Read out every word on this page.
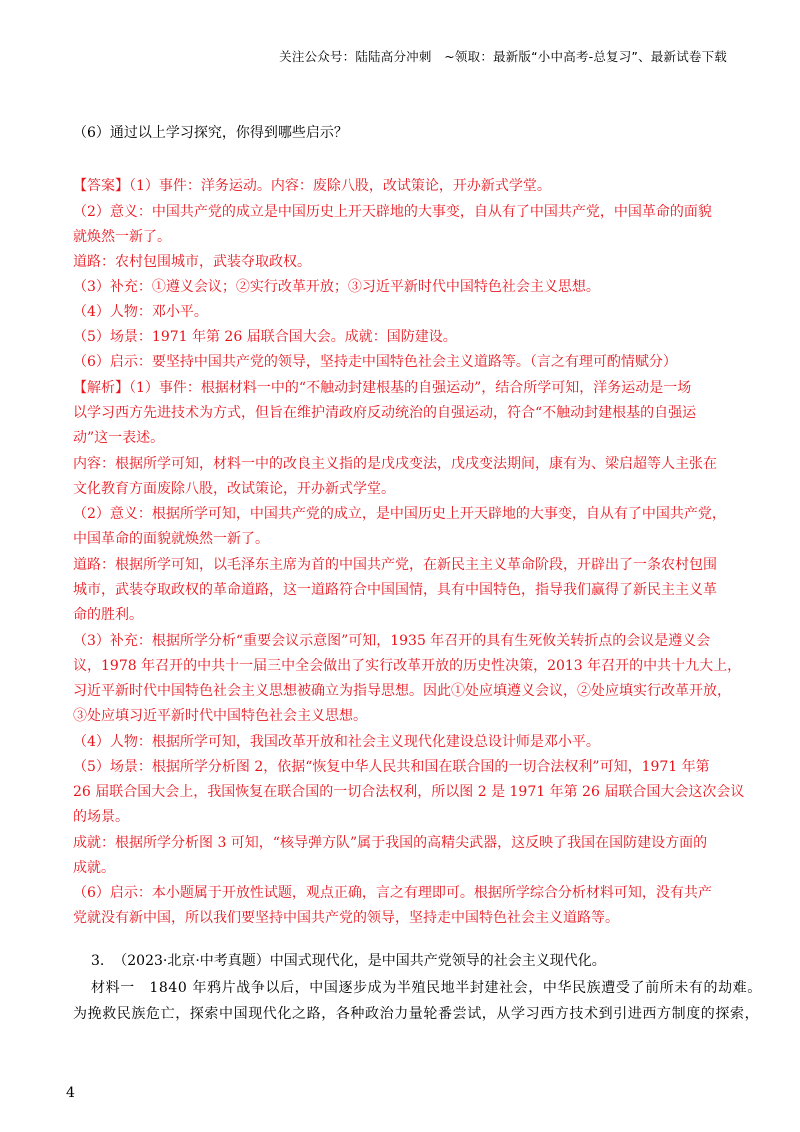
关注公众号：陆陆高分冲刺　~领取：最新版“小中高考-总复习”、最新试卷下载
（6）通过以上学习探究，你得到哪些启示？
【答案】（1）事件：洋务运动。内容：废除八股，改试策论，开办新式学堂。
（2）意义：中国共产党的成立是中国历史上开天辟地的大事变，自从有了中国共产党，中国革命的面貌
就焕然一新了。
道路：农村包围城市，武装夺取政权。
（3）补充：①遵义会议；②实行改革开放；③习近平新时代中国特色社会主义思想。
（4）人物：邓小平。
（5）场景：1971 年第 26 届联合国大会。成就：国防建设。
（6）启示：要坚持中国共产党的领导，坚持走中国特色社会主义道路等。（言之有理可酌情赋分）
【解析】（1）事件：根据材料一中的“不触动封建根基的自强运动”，结合所学可知，洋务运动是一场
以学习西方先进技术为方式，但旨在维护清政府反动统治的自强运动，符合“不触动封建根基的自强运
动”这一表述。
内容：根据所学可知，材料一中的改良主义指的是戊戌变法，戊戌变法期间，康有为、梁启超等人主张在
文化教育方面废除八股，改试策论，开办新式学堂。
（2）意义：根据所学可知，中国共产党的成立，是中国历史上开天辟地的大事变，自从有了中国共产党，
中国革命的面貌就焕然一新了。
道路：根据所学可知，以毛泽东主席为首的中国共产党，在新民主主义革命阶段，开辟出了一条农村包围
城市，武装夺取政权的革命道路，这一道路符合中国国情，具有中国特色，指导我们赢得了新民主主义革
命的胜利。
（3）补充：根据所学分析“重要会议示意图”可知，1935 年召开的具有生死攸关转折点的会议是遵义会
议，1978 年召开的中共十一届三中全会做出了实行改革开放的历史性决策，2013 年召开的中共十九大上，
习近平新时代中国特色社会主义思想被确立为指导思想。因此①处应填遵义会议，②处应填实行改革开放，
③处应填习近平新时代中国特色社会主义思想。
（4）人物：根据所学可知，我国改革开放和社会主义现代化建设总设计师是邓小平。
（5）场景：根据所学分析图 2，依据“恢复中华人民共和国在联合国的一切合法权利”可知，1971 年第
26 届联合国大会上，我国恢复在联合国的一切合法权利，所以图 2 是 1971 年第 26 届联合国大会这次会议
的场景。
成就：根据所学分析图 3 可知，“核导弹方队”属于我国的高精尖武器，这反映了我国在国防建设方面的
成就。
（6）启示：本小题属于开放性试题，观点正确，言之有理即可。根据所学综合分析材料可知，没有共产
党就没有新中国，所以我们要坚持中国共产党的领导，坚持走中国特色社会主义道路等。
3. （2023·北京·中考真题）中国式现代化，是中国共产党领导的社会主义现代化。
材料一　1840 年鸦片战争以后，中国逐步成为半殖民地半封建社会，中华民族遭受了前所未有的劫难。
为挽救民族危亡，探索中国现代化之路，各种政治力量轮番尝试，从学习西方技术到引进西方制度的探索，
4
